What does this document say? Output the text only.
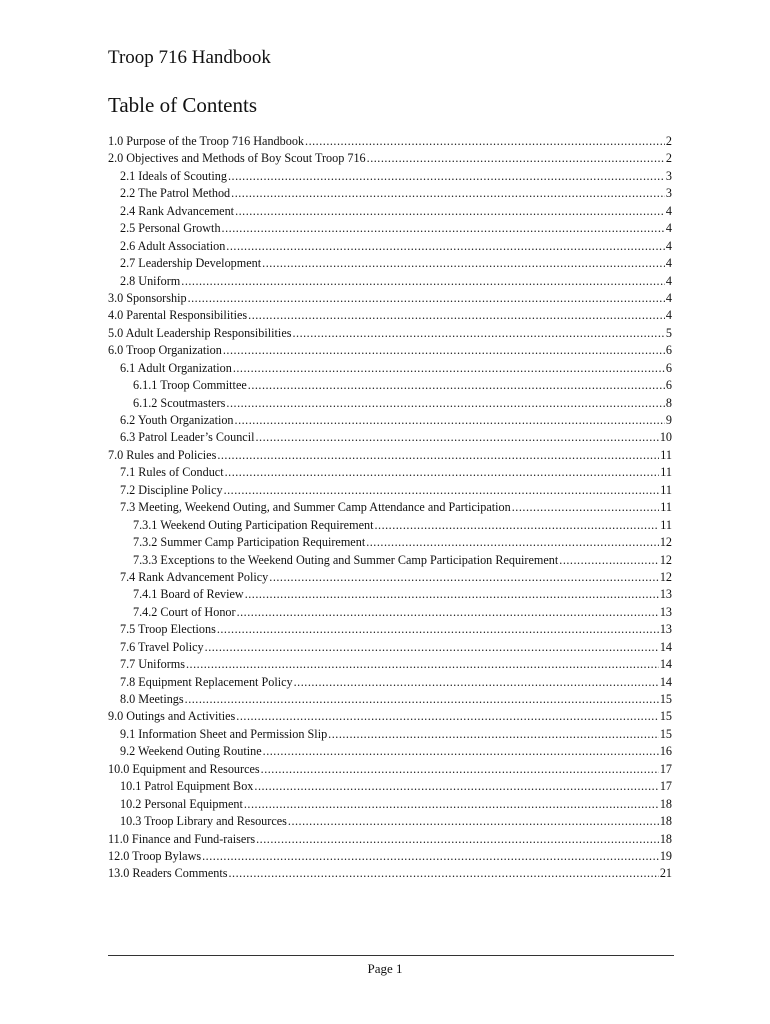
Troop 716 Handbook
Table of Contents
1.0 Purpose of the Troop 716 Handbook .....	2
2.0 Objectives and Methods of Boy Scout Troop 716 .....	2
2.1 Ideals of Scouting .....	3
2.2 The Patrol Method .....	3
2.4 Rank Advancement .....	4
2.5 Personal Growth .....	4
2.6 Adult Association .....	4
2.7 Leadership Development .....	4
2.8 Uniform .....	4
3.0 Sponsorship .....	4
4.0 Parental Responsibilities .....	4
5.0 Adult Leadership Responsibilities .....	5
6.0 Troop Organization .....	6
6.1 Adult Organization .....	6
6.1.1 Troop Committee .....	6
6.1.2 Scoutmasters .....	8
6.2 Youth Organization .....	9
6.3 Patrol Leader’s Council .....	10
7.0 Rules and Policies .....	11
7.1 Rules of Conduct .....	11
7.2 Discipline Policy .....	11
7.3 Meeting, Weekend Outing, and Summer Camp Attendance and Participation .....	11
7.3.1 Weekend Outing Participation Requirement .....	11
7.3.2 Summer Camp Participation Requirement .....	12
7.3.3 Exceptions to the Weekend Outing and Summer Camp Participation Requirement .....	12
7.4 Rank Advancement Policy .....	12
7.4.1 Board of Review .....	13
7.4.2 Court of Honor .....	13
7.5 Troop Elections .....	13
7.6 Travel Policy .....	14
7.7 Uniforms .....	14
7.8 Equipment Replacement Policy .....	14
8.0 Meetings .....	15
9.0 Outings and Activities .....	15
9.1 Information Sheet and Permission Slip .....	15
9.2 Weekend Outing Routine .....	16
10.0 Equipment and Resources .....	17
10.1 Patrol Equipment Box .....	17
10.2 Personal Equipment .....	18
10.3 Troop Library and Resources .....	18
11.0 Finance and Fund-raisers .....	18
12.0 Troop Bylaws .....	19
13.0 Readers Comments .....	21
Page 1
